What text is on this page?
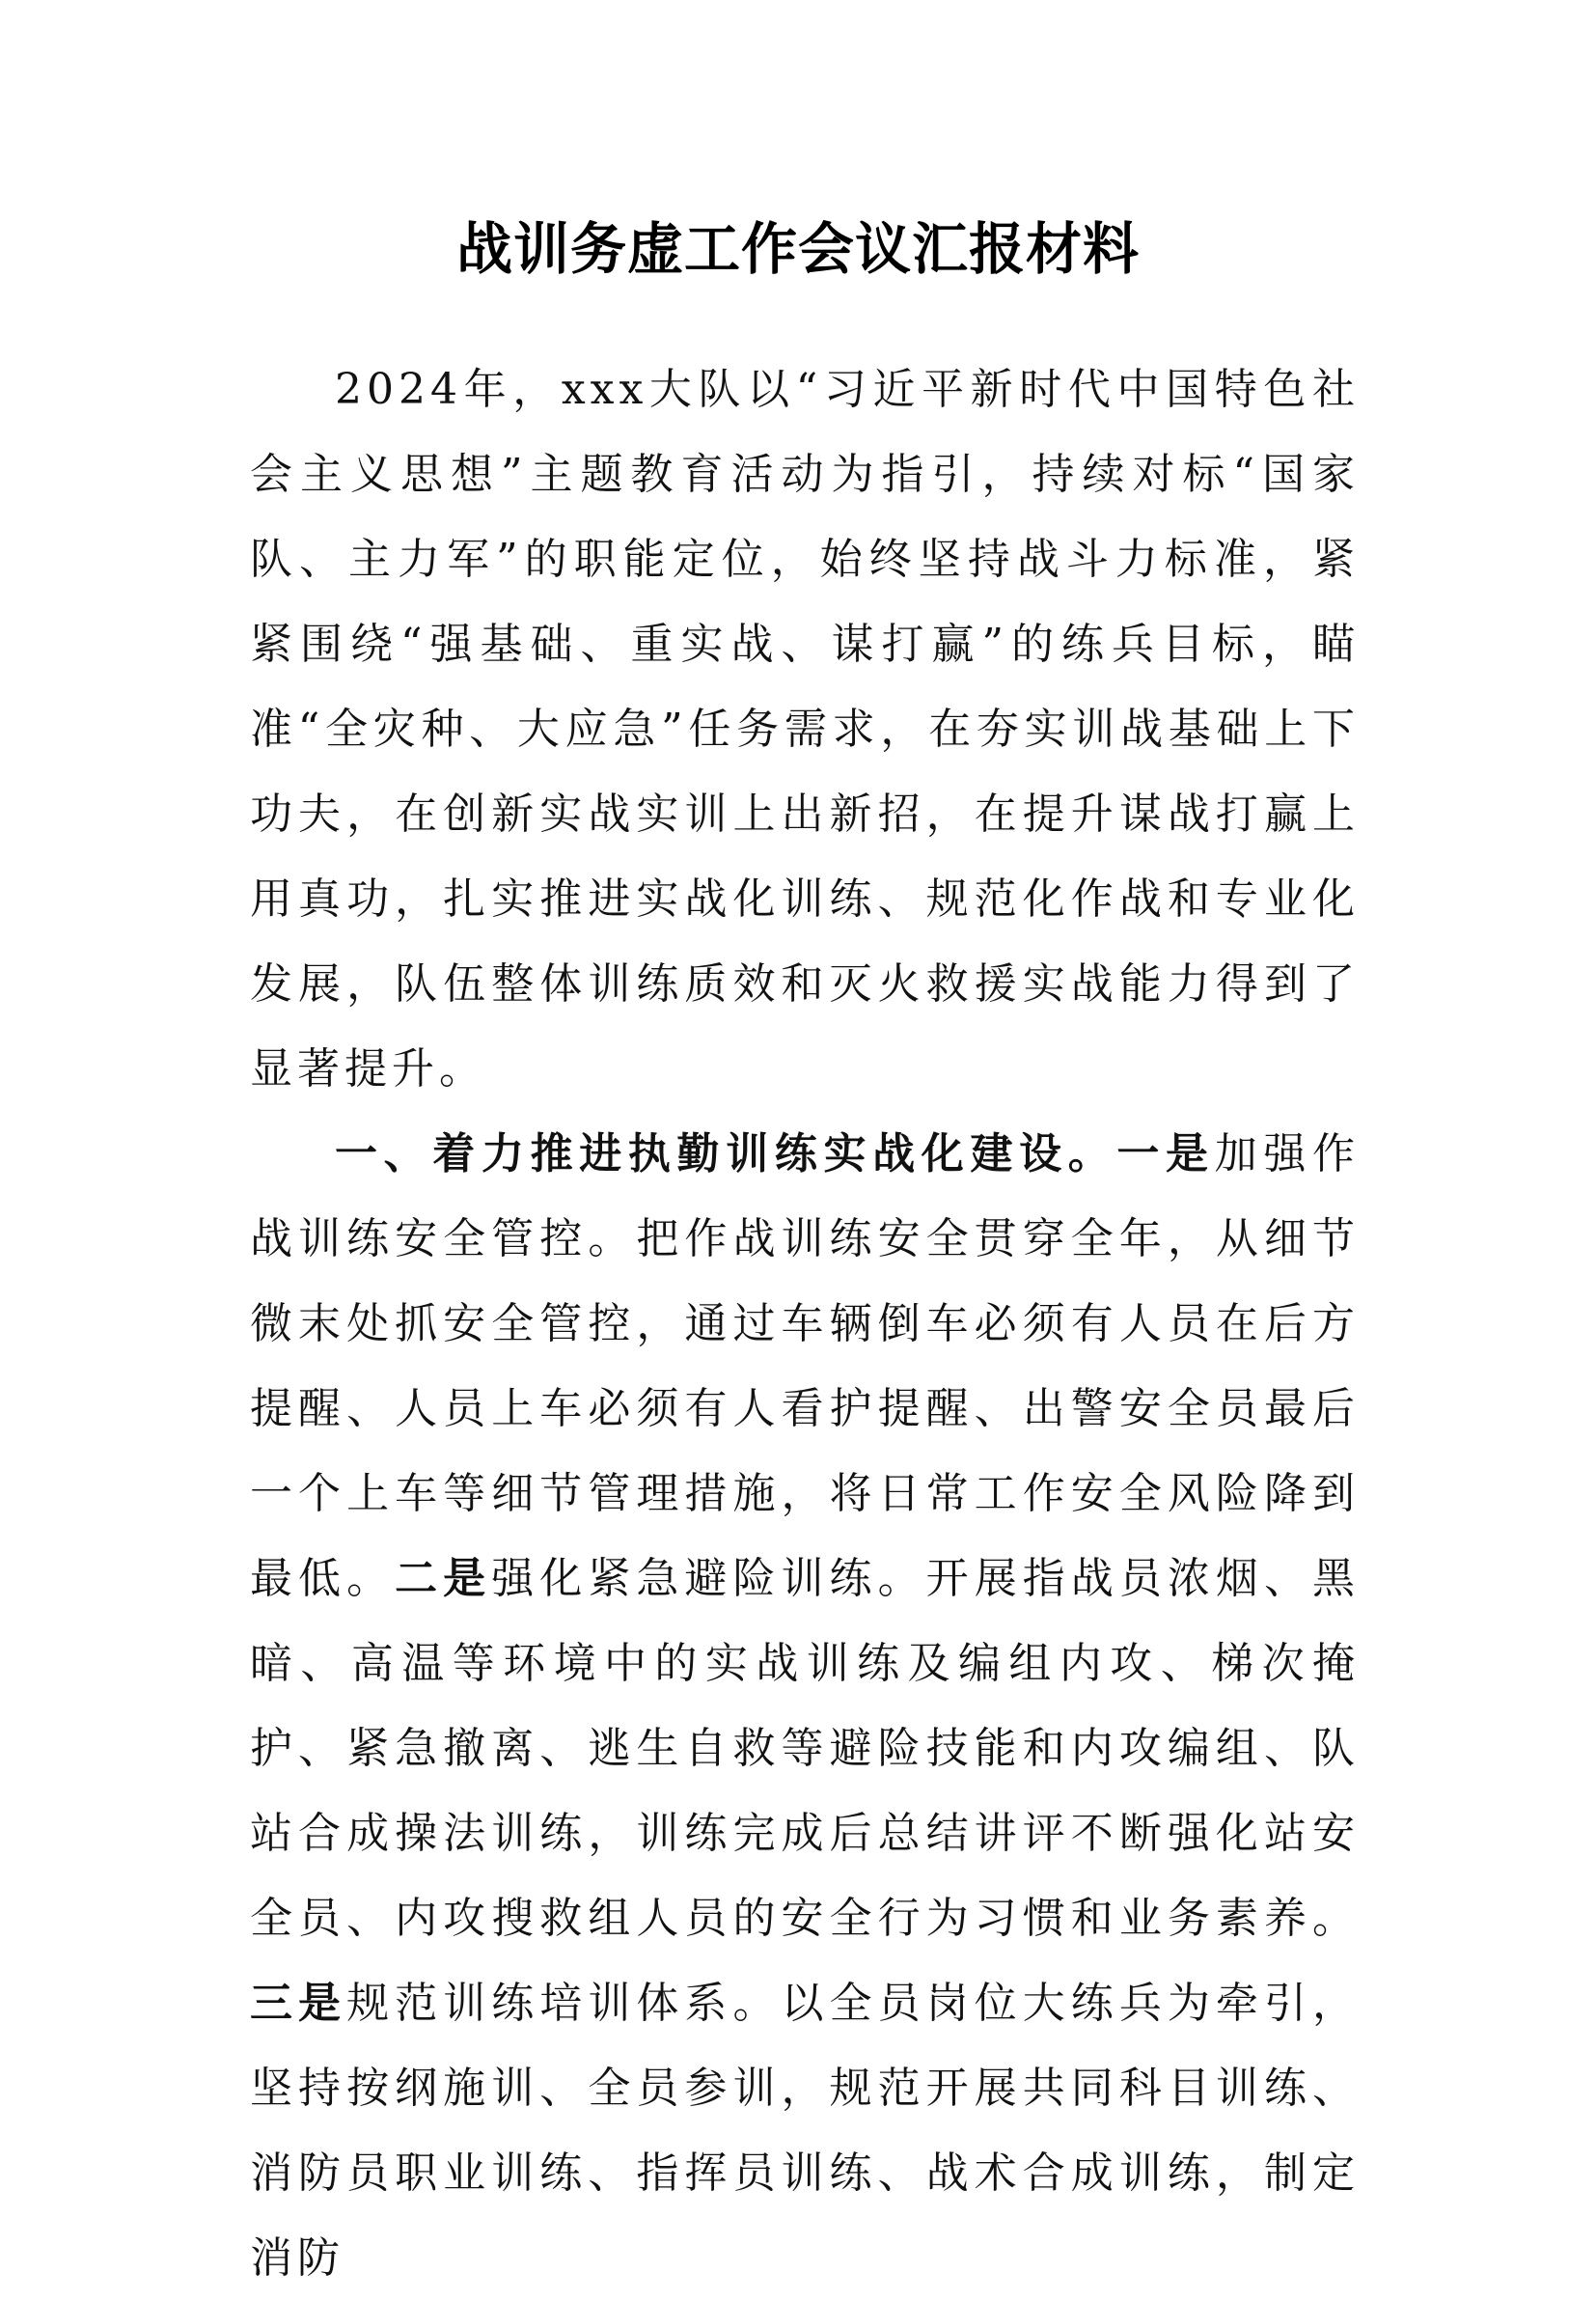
战训务虚工作会议汇报材料

2024年，xxx大队以“习近平新时代中国特色社会主义思想”主题教育活动为指引，持续对标“国家队、主力军”的职能定位，始终坚持战斗力标准，紧紧围绕“强基础、重实战、谋打赢”的练兵目标，瞄准“全灾种、大应急”任务需求，在夯实训战基础上下功夫，在创新实战实训上出新招，在提升谋战打赢上用真功，扎实推进实战化训练、规范化作战和专业化发展，队伍整体训练质效和灭火救援实战能力得到了显著提升。

一、着力推进执勤训练实战化建设。一是加强作战训练安全管控。把作战训练安全贯穿全年，从细节微末处抓安全管控，通过车辆倒车必须有人员在后方提醒、人员上车必须有人看护提醒、出警安全员最后一个上车等细节管理措施，将日常工作安全风险降到最低。二是强化紧急避险训练。开展指战员浓烟、黑暗、高温等环境中的实战训练及编组内攻、梯次掩护、紧急撤离、逃生自救等避险技能和内攻编组、队站合成操法训练，训练完成后总结讲评不断强化站安全员、内攻搜救组人员的安全行为习惯和业务素养。三是规范训练培训体系。以全员岗位大练兵为牵引，坚持按纲施训、全员参训，规范开展共同科目训练、消防员职业训练、指挥员训练、战术合成训练，制定消防
